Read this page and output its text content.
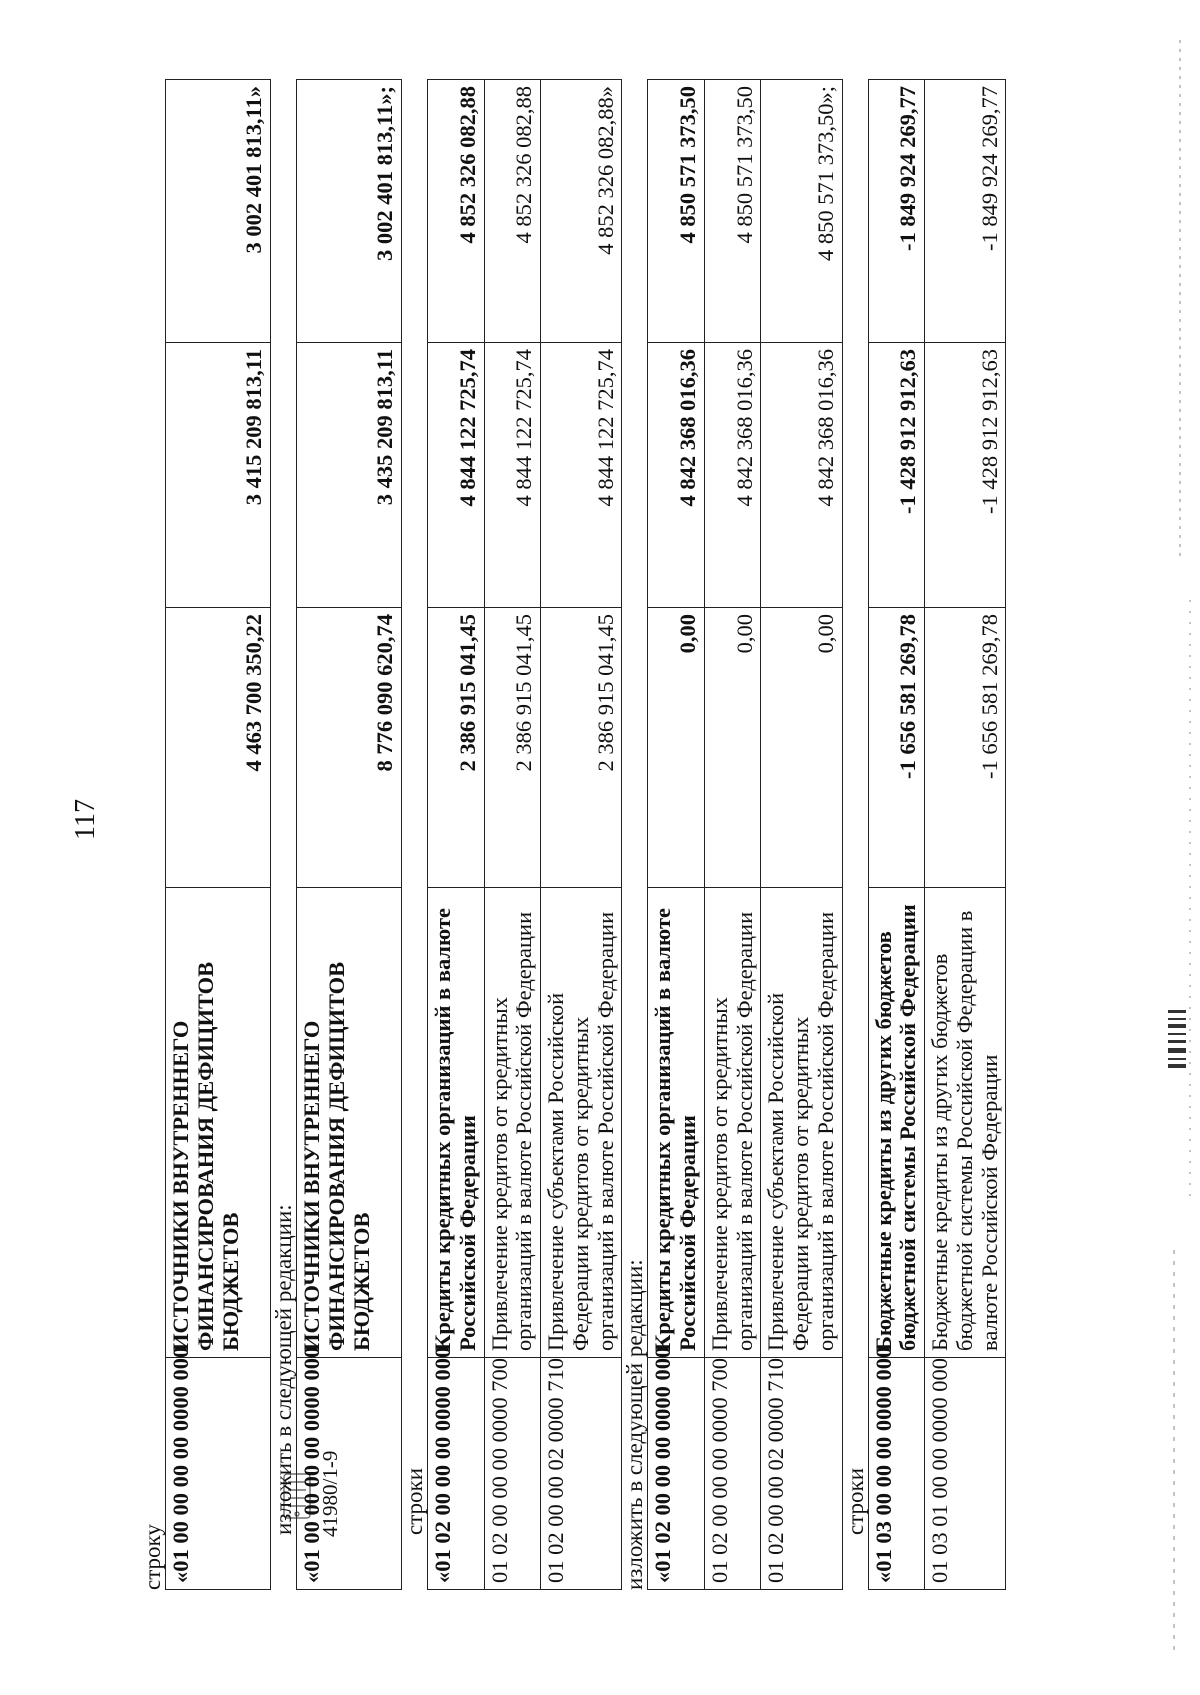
117
41980/1-9
строку «01 00 00 00 00 0000 000	ИСТОЧНИКИ ВНУТРЕННЕГО ФИНАНСИРОВАНИЯ ДЕФИЦИТОВ БЮДЖЕТОВ	4 463 700 350,22	3 415 209 813,11	3 002 401 813,11»
изложить в следующей редакции: «01 00 00 00 00 0000 000	ИСТОЧНИКИ ВНУТРЕННЕГО ФИНАНСИРОВАНИЯ ДЕФИЦИТОВ БЮДЖЕТОВ	8 776 090 620,74	3 435 209 813,11	3 002 401 813,11»;
строки «01 02 00 00 00 0000 000	Кредиты кредитных организаций в валюте Российской Федерации	2 386 915 041,45	4 844 122 725,74	4 852 326 082,88
01 02 00 00 00 0000 700	Привлечение кредитов от кредитных организаций в валюте Российской Федерации	2 386 915 041,45	4 844 122 725,74	4 852 326 082,88
01 02 00 00 02 0000 710	Привлечение субъектами Российской Федерации кредитов от кредитных организаций в валюте Российской Федерации	2 386 915 041,45	4 844 122 725,74	4 852 326 082,88»
изложить в следующей редакции: «01 02 00 00 00 0000 000	Кредиты кредитных организаций в валюте Российской Федерации	0,00	4 842 368 016,36	4 850 571 373,50
01 02 00 00 00 0000 700	Привлечение кредитов от кредитных организаций в валюте Российской Федерации	0,00	4 842 368 016,36	4 850 571 373,50
01 02 00 00 02 0000 710	Привлечение субъектами Российской Федерации кредитов от кредитных организаций в валюте Российской Федерации	0,00	4 842 368 016,36	4 850 571 373,50»;
строки «01 03 00 00 00 0000 000	Бюджетные кредиты из других бюджетов бюджетной системы Российской Федерации	-1 656 581 269,78	-1 428 912 912,63	-1 849 924 269,77
01 03 01 00 00 0000 000	Бюджетные кредиты из других бюджетов бюджетной системы Российской Федерации в валюте Российской Федерации	-1 656 581 269,78	-1 428 912 912,63	-1 849 924 269,77
